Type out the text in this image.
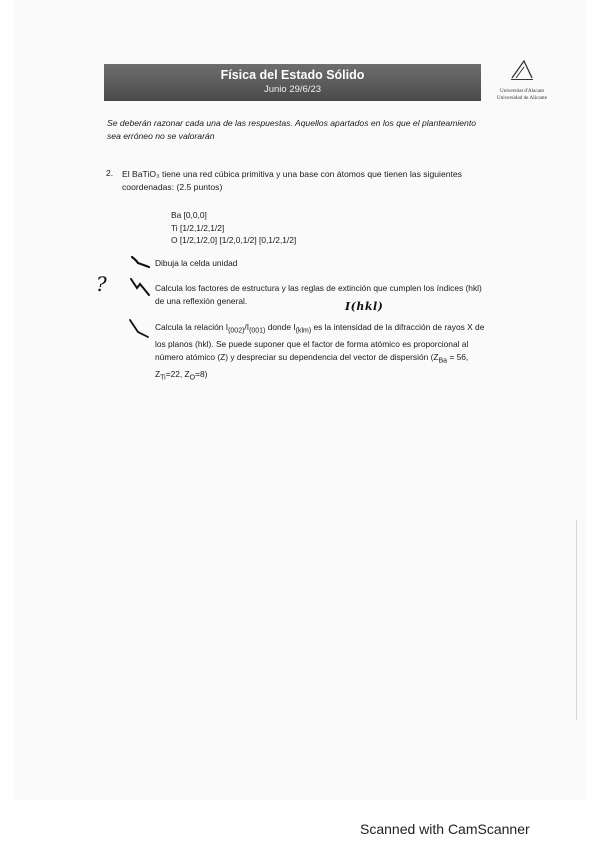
Física del Estado Sólido
Junio 29/6/23	Universitat d'Alacant
Universidad de Alicante
Se deberán razonar cada una de las respuestas. Aquellos apartados en los que el planteamiento sea erróneo no se valorarán
2. El BaTiO₃ tiene una red cúbica primitiva y una base con átomos que tienen las siguientes coordenadas: (2.5 puntos)
Ba [0,0,0]
Ti [1/2,1/2,1/2]
O [1/2,1/2,0] [1/2,0,1/2] [0,1/2,1/2]
?
I(hkl)
Dibuja la celda unidad
Calcula los factores de estructura y las reglas de extinción que cumplen los índices (hkl) de una reflexión general.
Calcula la relación $I_{(002)}/I_{(001)}$ donde $I_{(klm)}$ es la intensidad de la difracción de rayos X de los planos (hkl). Se puede suponer que el factor de forma atómico es proporcional al número atómico (Z) y despreciar su dependencia del vector de dispersión ($Z_{Ba} = 56$, $Z_{Ti}=22$, $Z_O=8$)
Scanned with CamScanner
